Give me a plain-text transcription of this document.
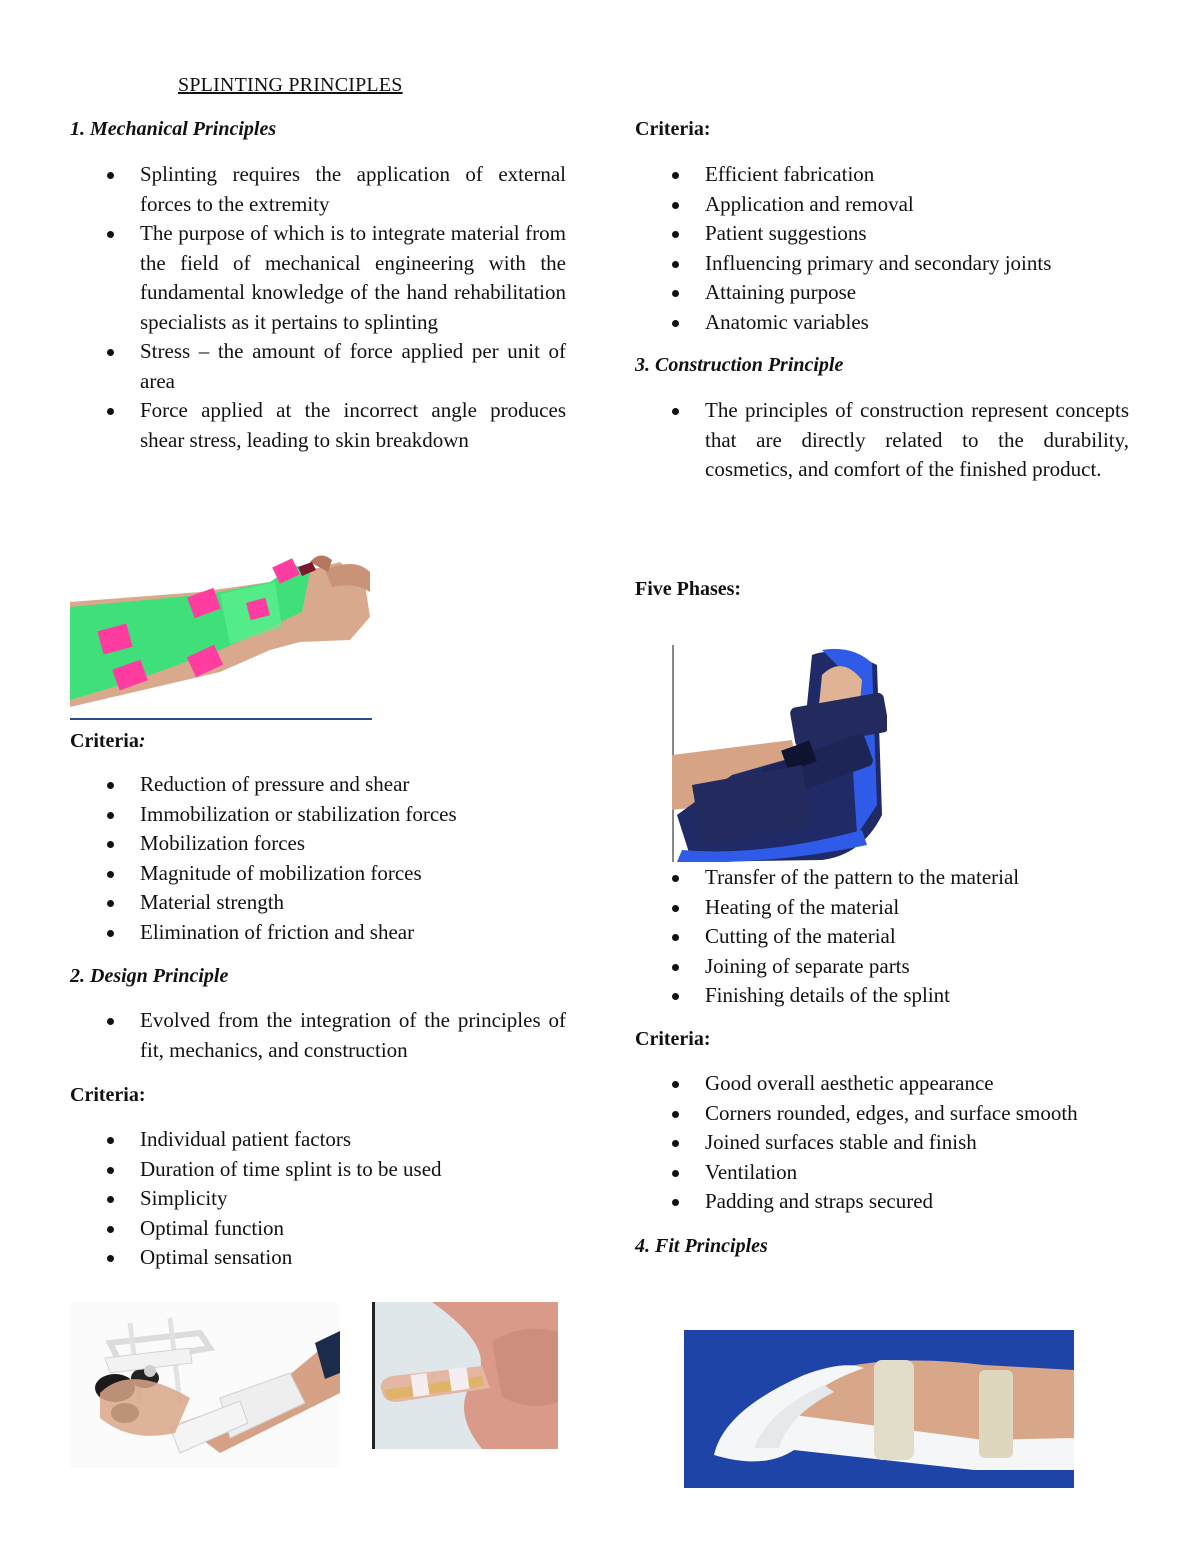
SPLINTING PRINCIPLES
1. Mechanical Principles
Splinting requires the application of external forces to the extremity
The purpose of which is to integrate material from the field of mechanical engineering with the fundamental knowledge of the hand rehabilitation specialists as it pertains to splinting
Stress – the amount of force applied per unit of area
Force applied at the incorrect angle produces shear stress, leading to skin breakdown
Criteria:
Reduction of pressure and shear
Immobilization or stabilization forces
Mobilization forces
Magnitude of mobilization forces
Material strength
Elimination of friction and shear
2. Design Principle
Evolved from the integration of the principles of fit, mechanics, and construction
Criteria:
Individual patient factors
Duration of time splint is to be used
Simplicity
Optimal function
Optimal sensation
Criteria:
Efficient fabrication
Application and removal
Patient suggestions
Influencing primary and secondary joints
Attaining purpose
Anatomic variables
3. Construction Principle
The principles of construction represent concepts that are directly related to the durability, cosmetics, and comfort of the finished product.
Five Phases:
Transfer of the pattern to the material
Heating of the material
Cutting of the material
Joining of separate parts
Finishing details of the splint
Criteria:
Good overall aesthetic appearance
Corners rounded, edges, and surface smooth
Joined surfaces stable and finish
Ventilation
Padding and straps secured
4. Fit Principles
